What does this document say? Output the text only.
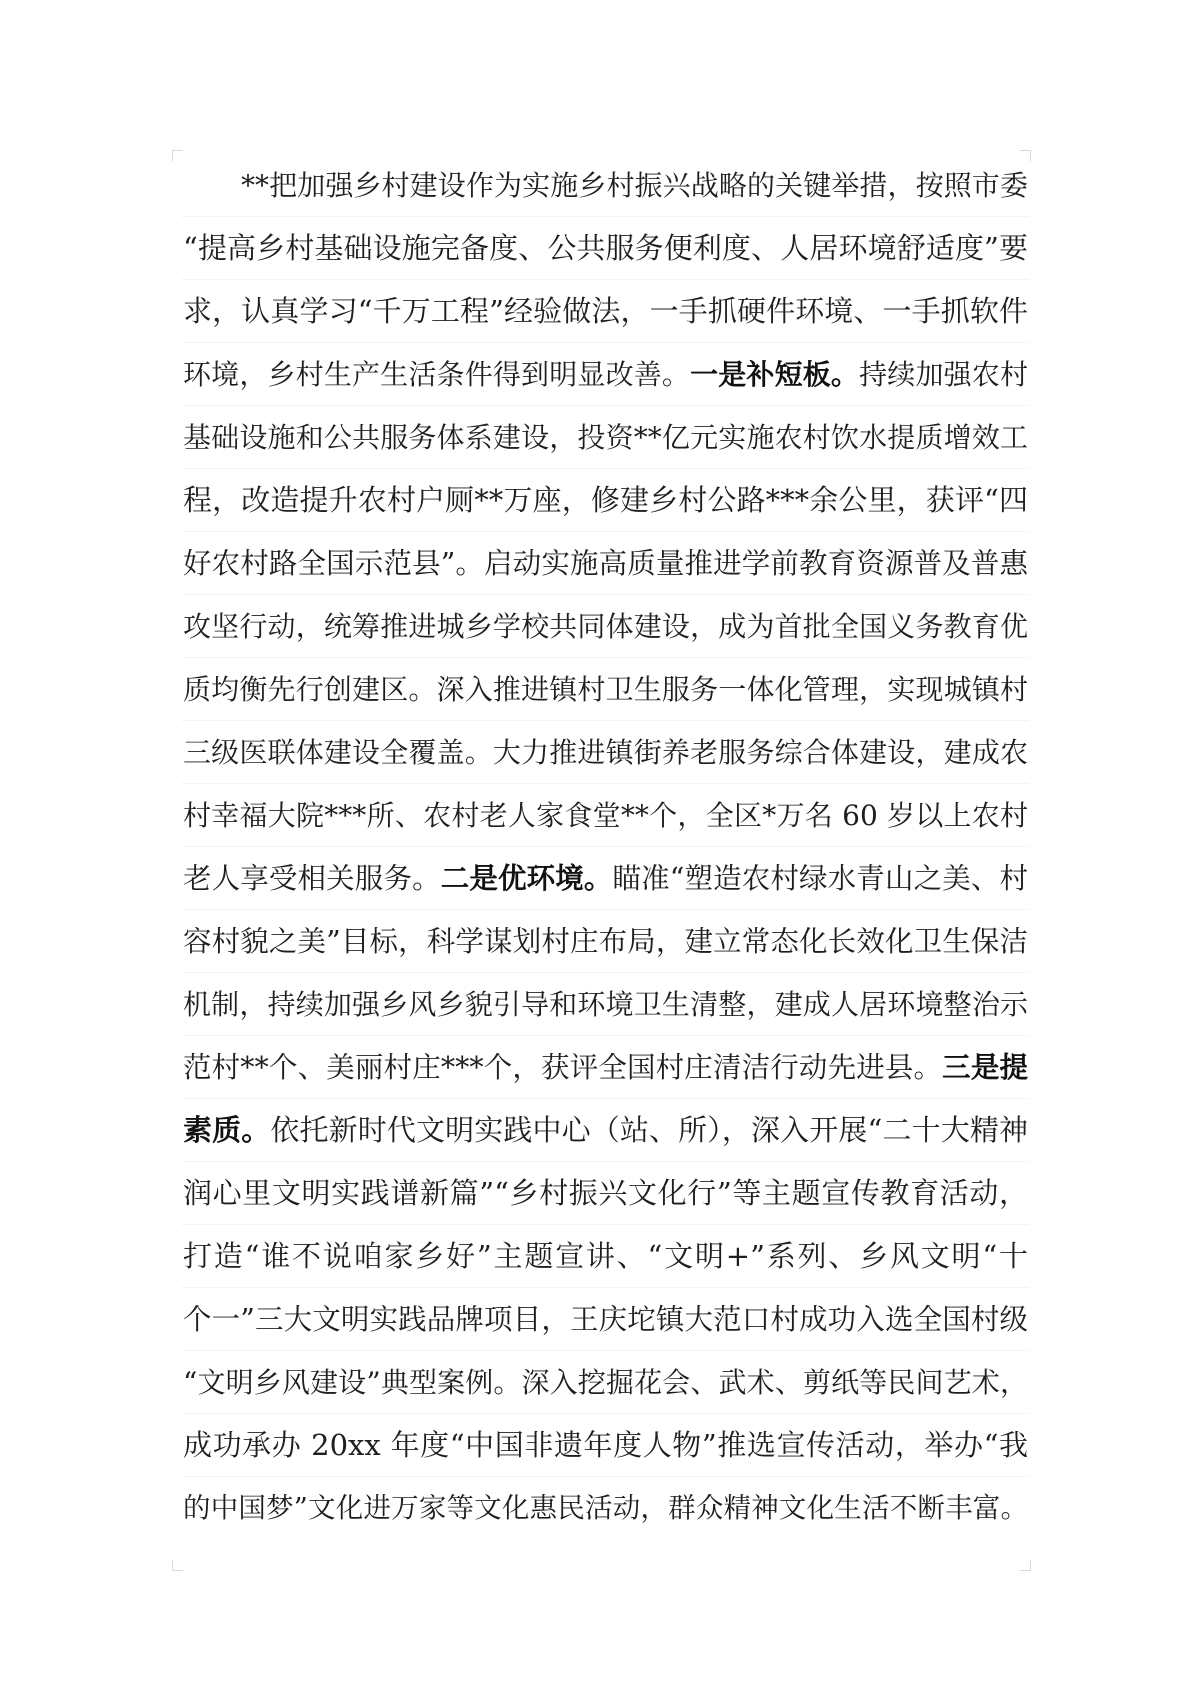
**把加强乡村建设作为实施乡村振兴战略的关键举措，按照市委
“提高乡村基础设施完备度、公共服务便利度、人居环境舒适度”要
求，认真学习“千万工程”经验做法，一手抓硬件环境、一手抓软件
环境，乡村生产生活条件得到明显改善。一是补短板。持续加强农村
基础设施和公共服务体系建设，投资**亿元实施农村饮水提质增效工
程，改造提升农村户厕**万座，修建乡村公路***余公里，获评“四
好农村路全国示范县”。启动实施高质量推进学前教育资源普及普惠
攻坚行动，统筹推进城乡学校共同体建设，成为首批全国义务教育优
质均衡先行创建区。深入推进镇村卫生服务一体化管理，实现城镇村
三级医联体建设全覆盖。大力推进镇街养老服务综合体建设，建成农
村幸福大院***所、农村老人家食堂**个，全区*万名 60 岁以上农村
老人享受相关服务。二是优环境。瞄准“塑造农村绿水青山之美、村
容村貌之美”目标，科学谋划村庄布局，建立常态化长效化卫生保洁
机制，持续加强乡风乡貌引导和环境卫生清整，建成人居环境整治示
范村**个、美丽村庄***个，获评全国村庄清洁行动先进县。三是提
素质。依托新时代文明实践中心（站、所），深入开展“二十大精神
润心里文明实践谱新篇”“乡村振兴文化行”等主题宣传教育活动，
打造“谁不说咱家乡好”主题宣讲、“文明+”系列、乡风文明“十
个一”三大文明实践品牌项目，王庆坨镇大范口村成功入选全国村级
“文明乡风建设”典型案例。深入挖掘花会、武术、剪纸等民间艺术，
成功承办 20xx 年度“中国非遗年度人物”推选宣传活动，举办“我
的中国梦”文化进万家等文化惠民活动，群众精神文化生活不断丰富。
